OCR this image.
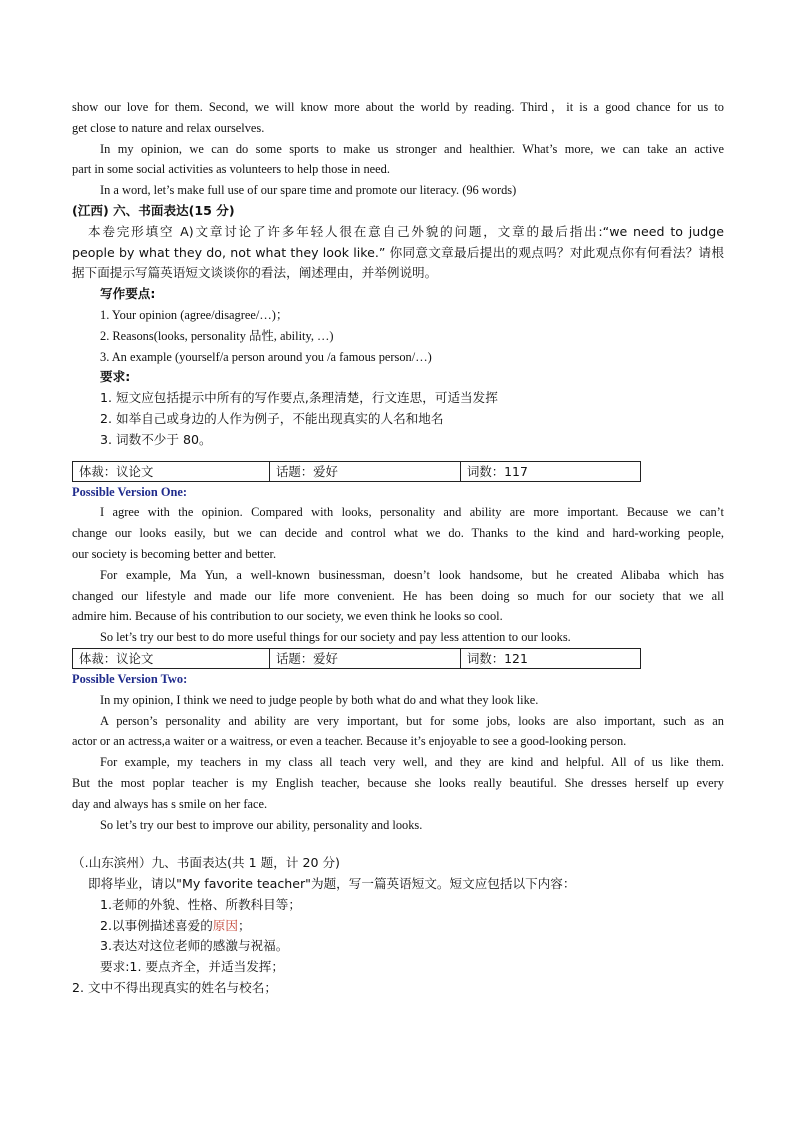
show our love for them. Second, we will know more about the world by reading. Third，it is a good chance for us to
get close to nature and relax ourselves.
In my opinion, we can do some sports to make us stronger and healthier. What’s more, we can take an active
part in some social activities as volunteers to help those in need.
In a word, let’s make full use of our spare time and promote our literacy. (96 words)
(江西) 六、书面表达(15 分)
本卷完形填空 A)文章讨论了许多年轻人很在意自己外貌的问题，文章的最后指出:“we need to judge
people by what they do, not what they look like.” 你同意文章最后提出的观点吗？对此观点你有何看法？请根
据下面提示写篇英语短文谈谈你的看法，阐述理由，并举例说明。
写作要点:
1. Your opinion (agree/disagree/…)；
2. Reasons(looks, personality 品性, ability, …)
3. An example (yourself/a person around you /a famous person/…)
要求:
1. 短文应包括提示中所有的写作要点,条理清楚，行文连思，可适当发挥
2. 如举自己或身边的人作为例子，不能出现真实的人名和地名
3. 词数不少于 80。
体裁：议论文	话题：爱好	词数：117
Possible Version One:
I agree with the opinion. Compared with looks, personality and ability are more important. Because we can’t
change our looks easily, but we can decide and control what we do. Thanks to the kind and hard-working people,
our society is becoming better and better.
For example, Ma Yun, a well-known businessman, doesn’t look handsome, but he created Alibaba which has
changed our lifestyle and made our life more convenient. He has been doing so much for our society that we all
admire him. Because of his contribution to our society, we even think he looks so cool.
So let’s try our best to do more useful things for our society and pay less attention to our looks.
体裁：议论文	话题：爱好	词数：121
Possible Version Two:
In my opinion, I think we need to judge people by both what do and what they look like.
A person’s personality and ability are very important, but for some jobs, looks are also important, such as an
actor or an actress,a waiter or a waitress, or even a teacher. Because it’s enjoyable to see a good-looking person.
For example, my teachers in my class all teach very well, and they are kind and helpful. All of us like them.
But the most poplar teacher is my English teacher, because she looks really beautiful. She dresses herself up every
day and always has s smile on her face.
So let’s try our best to improve our ability, personality and looks.
（.山东滨州）九、书面表达(共 1 题，计 20 分)
即将毕业，请以"My favorite teacher"为题，写一篇英语短文。短文应包括以下内容：
1.老师的外貌、性格、所教科目等；
2.以事例描述喜爱的原因；
3.表达对这位老师的感激与祝福。
要求:1. 要点齐全，并适当发挥；
2. 文中不得出现真实的姓名与校名；
